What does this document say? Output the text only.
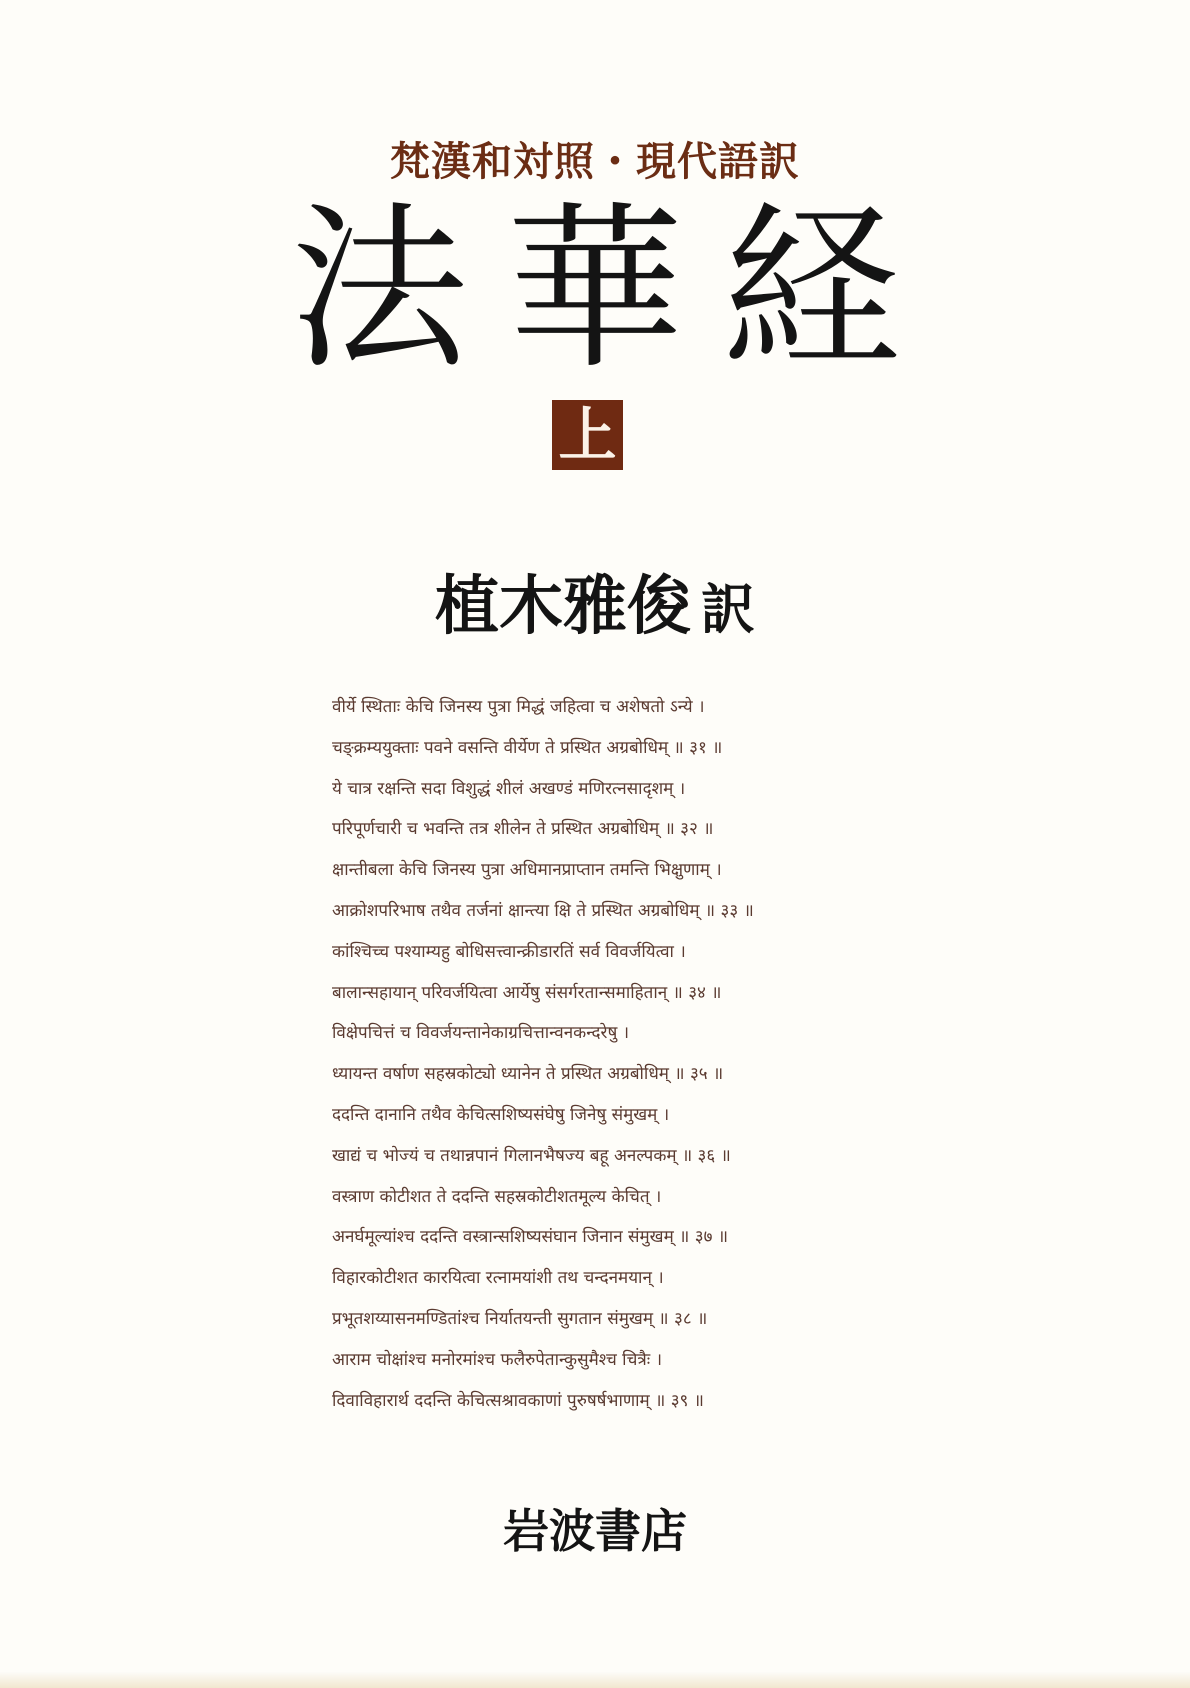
梵漢和対照・現代語訳
法華経
上
植木雅俊 訳
वीर्ये स्थिताः केचि जिनस्य पुत्रा मिद्धं जहित्वा च अशेषतो ऽन्ये ।
चङ्क्रम्ययुक्ताः पवने वसन्ति वीर्येण ते प्रस्थित अग्रबोधिम् ॥ ३१ ॥
ये चात्र रक्षन्ति सदा विशुद्धं शीलं अखण्डं मणिरत्नसादृशम् ।
परिपूर्णचारी च भवन्ति तत्र शीलेन ते प्रस्थित अग्रबोधिम् ॥ ३२ ॥
क्षान्तीबला केचि जिनस्य पुत्रा अधिमानप्राप्तान तमन्ति भिक्षुणाम् ।
आक्रोशपरिभाष तथैव तर्जनां क्षान्त्या क्षि ते प्रस्थित अग्रबोधिम् ॥ ३३ ॥
कांश्चिच्च पश्याम्यहु बोधिसत्त्वान्क्रीडारतिं सर्व विवर्जयित्वा ।
बालान्सहायान् परिवर्जयित्वा आर्येषु संसर्गरतान्समाहितान् ॥ ३४ ॥
विक्षेपचित्तं च विवर्जयन्तानेकाग्रचित्तान्वनकन्दरेषु ।
ध्यायन्त वर्षाण सहस्रकोट्यो ध्यानेन ते प्रस्थित अग्रबोधिम् ॥ ३५ ॥
ददन्ति दानानि तथैव केचित्सशिष्यसंघेषु जिनेषु संमुखम् ।
खाद्यं च भोज्यं च तथान्नपानं गिलानभैषज्य बहू अनल्पकम् ॥ ३६ ॥
वस्त्राण कोटीशत ते ददन्ति सहस्रकोटीशतमूल्य केचित् ।
अनर्घमूल्यांश्च ददन्ति वस्त्रान्सशिष्यसंघान जिनान संमुखम् ॥ ३७ ॥
विहारकोटीशत कारयित्वा रत्नामयांशी तथ चन्दनमयान् ।
प्रभूतशय्यासनमण्डितांश्च निर्यातयन्ती सुगतान संमुखम् ॥ ३८ ॥
आराम चोक्षांश्च मनोरमांश्च फलैरुपेतान्कुसुमैश्च चित्रैः ।
दिवाविहारार्थ ददन्ति केचित्सश्रावकाणां पुरुषर्षभाणाम् ॥ ३९ ॥
岩波書店
